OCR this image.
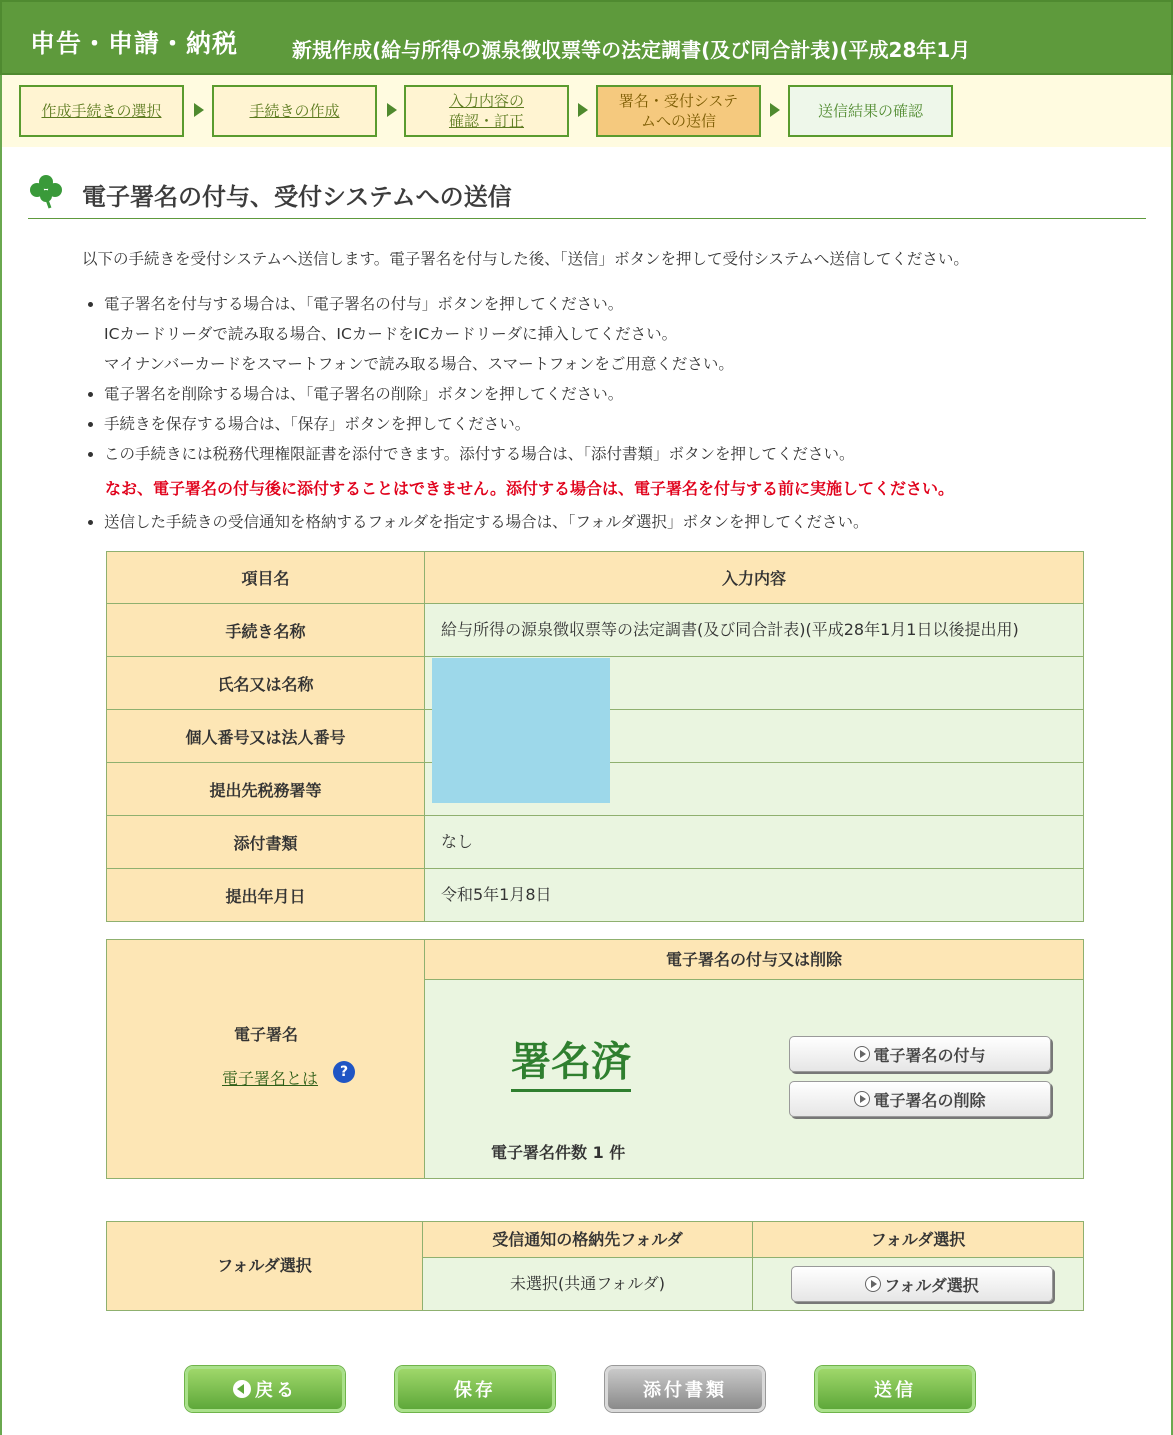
申告・申請・納税	新規作成(給与所得の源泉徴収票等の法定調書(及び同合計表)(平成28年1月
作成手続きの選択	手続きの作成
入力内容の
確認・訂正
署名・受付システ
ムへの送信
送信結果の確認
電子署名の付与、受付システムへの送信
以下の手続きを受付システムへ送信します。電子署名を付与した後、「送信」ボタンを押して受付システムへ送信してください。
電子署名を付与する場合は、「電子署名の付与」ボタンを押してください。
ICカードリーダで読み取る場合、ICカードをICカードリーダに挿入してください。
マイナンバーカードをスマートフォンで読み取る場合、スマートフォンをご用意ください。
電子署名を削除する場合は、「電子署名の削除」ボタンを押してください。
手続きを保存する場合は、「保存」ボタンを押してください。
この手続きには税務代理権限証書を添付できます。添付する場合は、「添付書類」ボタンを押してください。
なお、電子署名の付与後に添付することはできません。添付する場合は、電子署名を付与する前に実施してください。
送信した手続きの受信通知を格納するフォルダを指定する場合は、「フォルダ選択」ボタンを押してください。
項目名	入力内容
手続き名称	給与所得の源泉徴収票等の法定調書(及び同合計表)(平成28年1月1日以後提出用)
氏名又は名称	
個人番号又は法人番号	
提出先税務署等	
添付書類	なし
提出年月日	令和5年1月8日
電子署名
電子署名とは	?
電子署名の付与又は削除
署名済	電子署名の付与
電子署名の削除
電子署名件数 1 件
フォルダ選択
受信通知の格納先フォルダ	フォルダ選択
未選択(共通フォルダ)	フォルダ選択
戻る	保存	添付書類	送信
